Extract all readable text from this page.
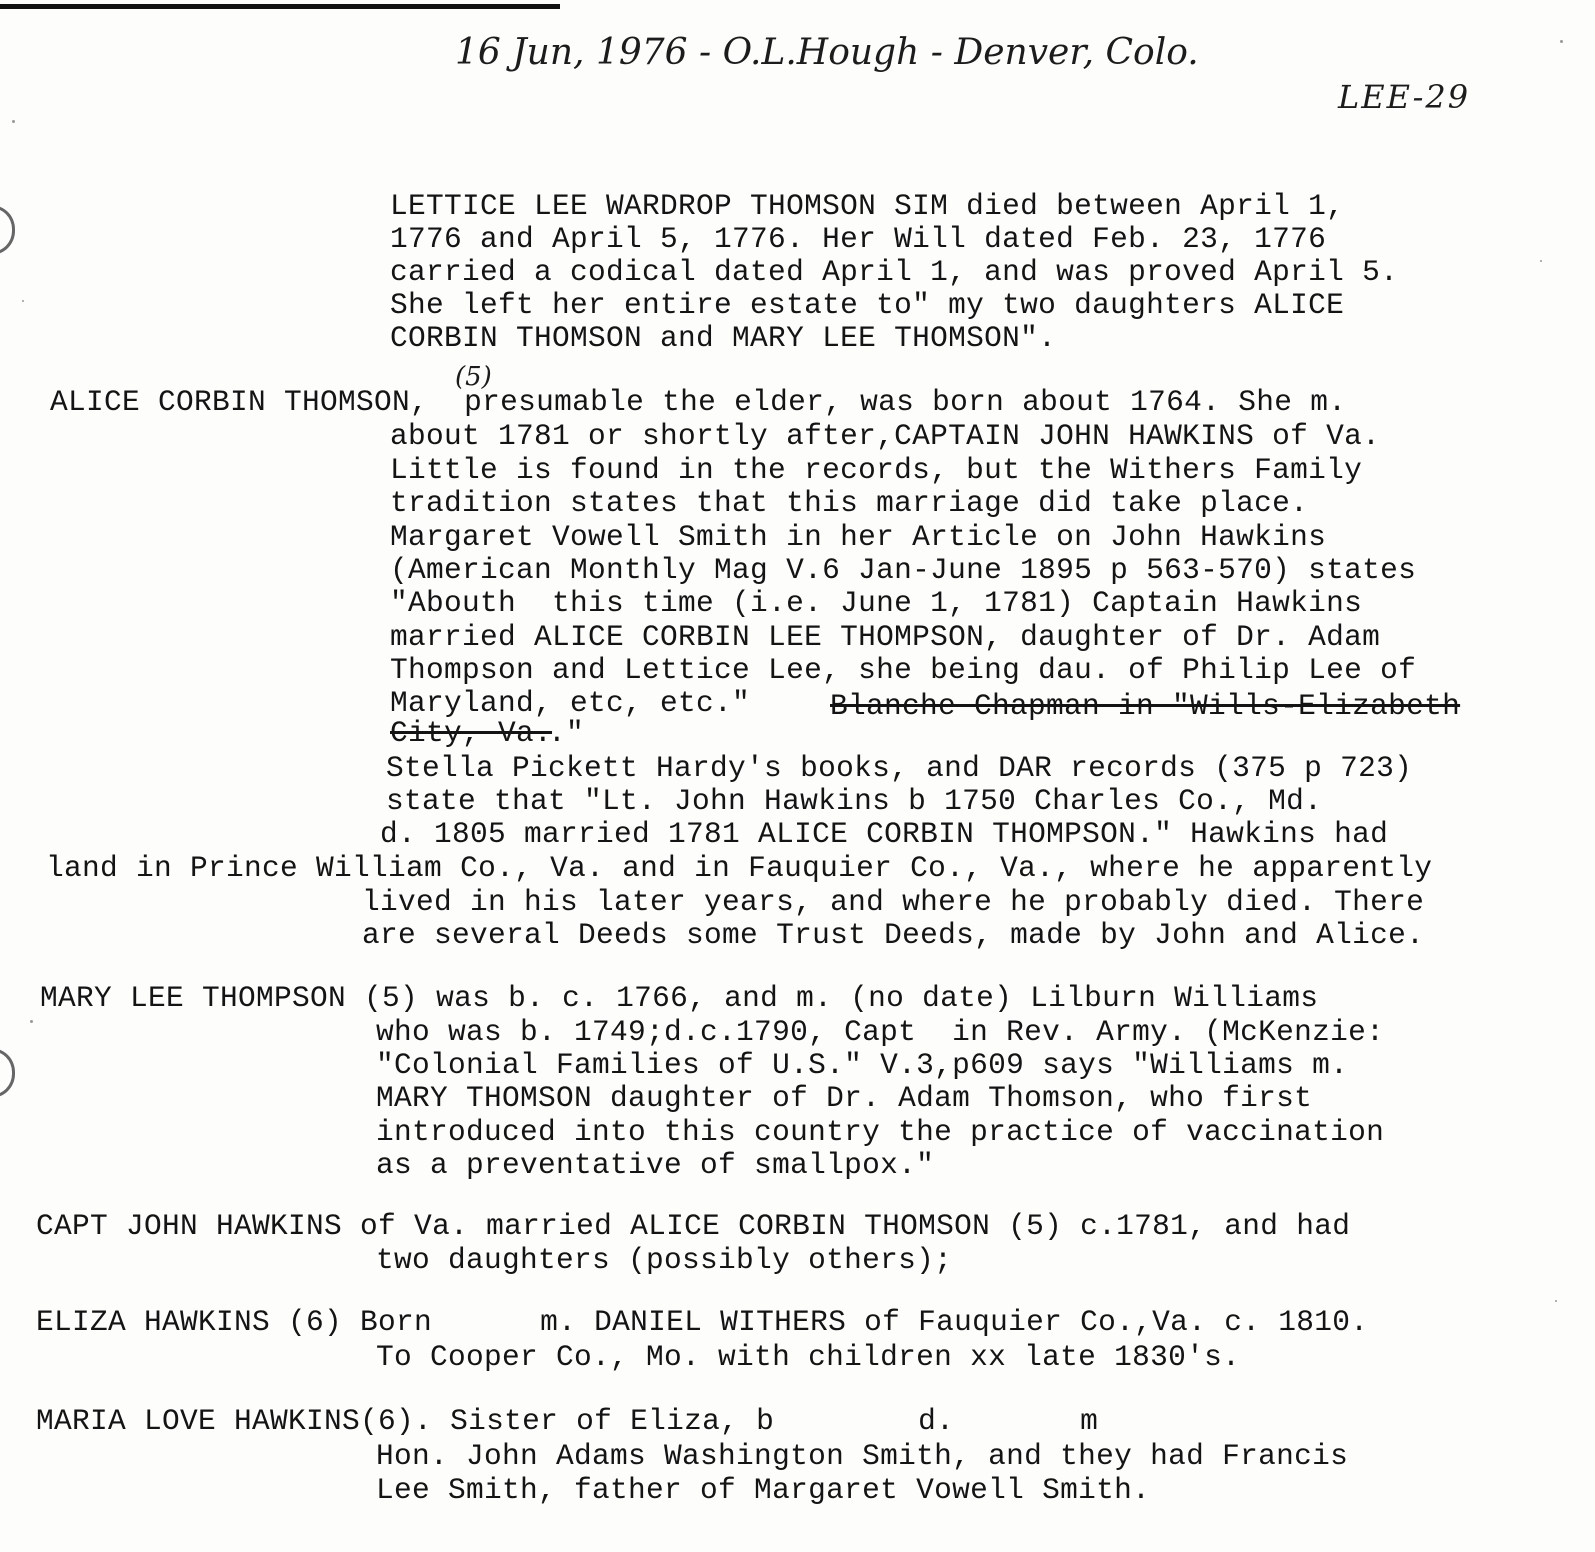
16 Jun, 1976 - O.L.Hough - Denver, Colo.
LEE-29
(5)
LETTICE LEE WARDROP THOMSON SIM died between April 1,
1776 and April 5, 1776. Her Will dated Feb. 23, 1776
carried a codical dated April 1, and was proved April 5.
She left her entire estate to" my two daughters ALICE
CORBIN THOMSON and MARY LEE THOMSON".
ALICE CORBIN THOMSON,  presumable the elder, was born about 1764. She m.
about 1781 or shortly after,CAPTAIN JOHN HAWKINS of Va.
Little is found in the records, but the Withers Family
tradition states that this marriage did take place.
Margaret Vowell Smith in her Article on John Hawkins
(American Monthly Mag V.6 Jan-June 1895 p 563-570) states
"Abouth  this time (i.e. June 1, 1781) Captain Hawkins
married ALICE CORBIN LEE THOMPSON, daughter of Dr. Adam
Thompson and Lettice Lee, she being dau. of Philip Lee of
Maryland, etc, etc."	Blanche Chapman in "Wills-Elizabeth
City, Va.
."
Stella Pickett Hardy's books, and DAR records (375 p 723)
state that "Lt. John Hawkins b 1750 Charles Co., Md.
d. 1805 married 1781 ALICE CORBIN THOMPSON." Hawkins had
land in Prince William Co., Va. and in Fauquier Co., Va., where he apparently
lived in his later years, and where he probably died. There
are several Deeds some Trust Deeds, made by John and Alice.
MARY LEE THOMPSON (5) was b. c. 1766, and m. (no date) Lilburn Williams
who was b. 1749;d.c.1790, Capt  in Rev. Army. (McKenzie:
"Colonial Families of U.S." V.3,p609 says "Williams m.
MARY THOMSON daughter of Dr. Adam Thomson, who first
introduced into this country the practice of vaccination
as a preventative of smallpox."
CAPT JOHN HAWKINS of Va. married ALICE CORBIN THOMSON (5) c.1781, and had
two daughters (possibly others);
ELIZA HAWKINS (6) Born      m. DANIEL WITHERS of Fauquier Co.,Va. c. 1810.
To Cooper Co., Mo. with children xx late 1830's.
MARIA LOVE HAWKINS(6). Sister of Eliza, b        d.       m
Hon. John Adams Washington Smith, and they had Francis
Lee Smith, father of Margaret Vowell Smith.
